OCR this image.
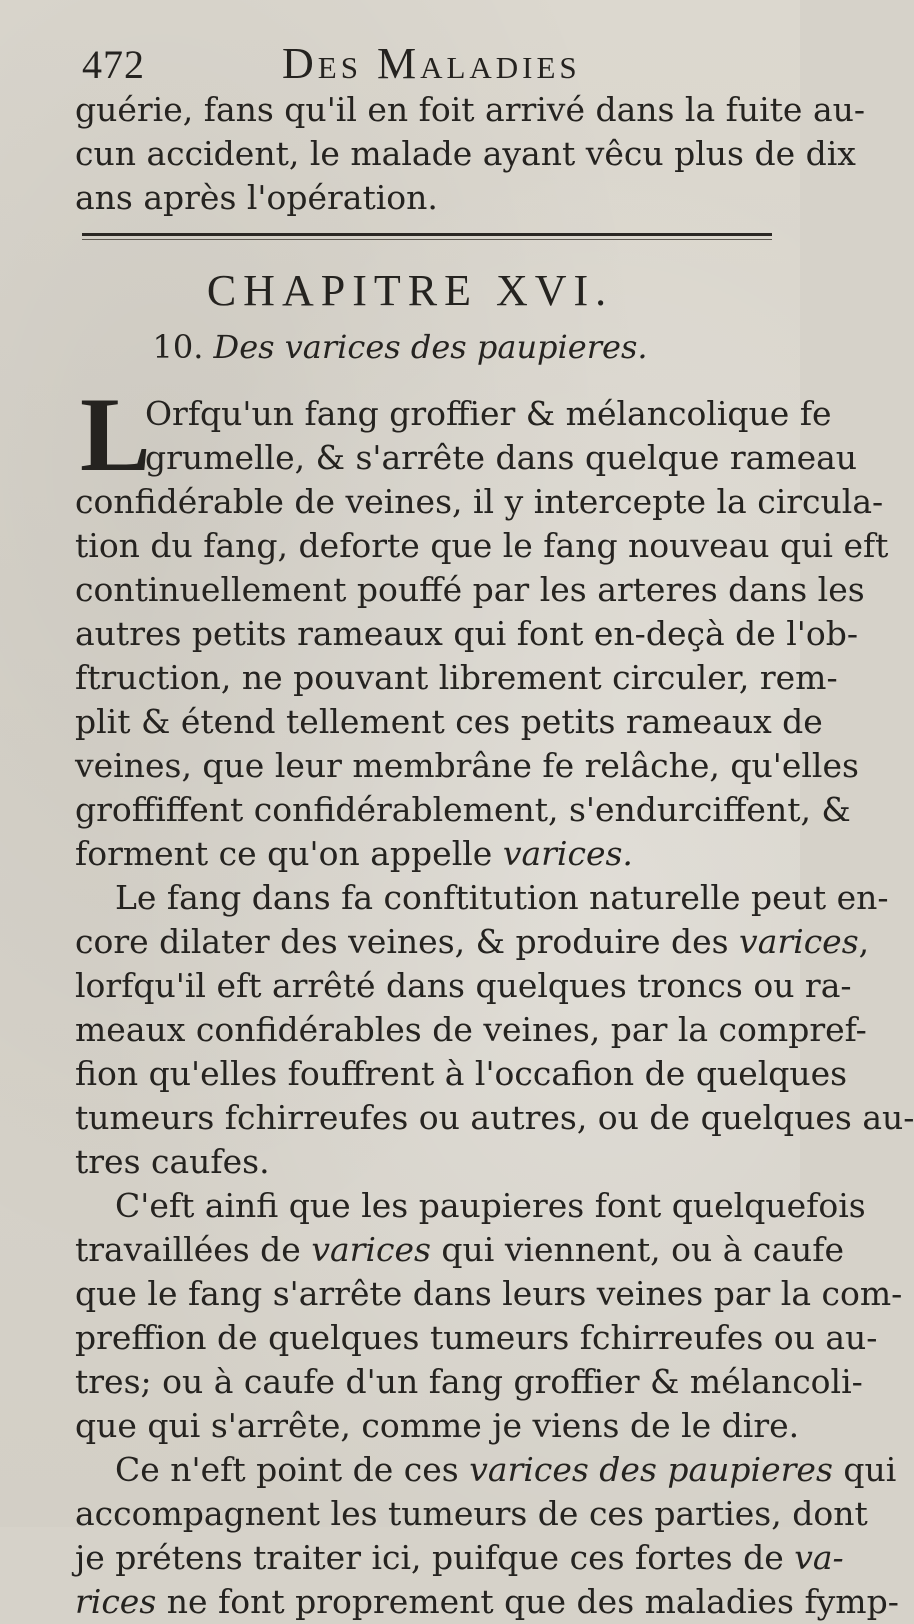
472	Des Maladies
guérie, fans qu'il en foit arrivé dans la fuite au-
cun accident, le malade ayant vêcu plus de dix
ans après l'opération.
CHAPITRE XVI.
10. Des varices des paupieres.
L
Orfqu'un fang groffier & mélancolique fe
grumelle, & s'arrête dans quelque rameau
confidérable de veines, il y intercepte la circula-
tion du fang, deforte que le fang nouveau qui eft
continuellement pouffé par les arteres dans les
autres petits rameaux qui font en-deçà de l'ob-
ftruction, ne pouvant librement circuler, rem-
plit & étend tellement ces petits rameaux de
veines, que leur membrâne fe relâche, qu'elles
groffiffent confidérablement, s'endurciffent, &
forment ce qu'on appelle varices.
Le fang dans fa conftitution naturelle peut en-
core dilater des veines, & produire des varices,
lorfqu'il eft arrêté dans quelques troncs ou ra-
meaux confidérables de veines, par la compref-
fion qu'elles fouffrent à l'occafion de quelques
tumeurs fchirreufes ou autres, ou de quelques au-
tres caufes.
C'eft ainfi que les paupieres font quelquefois
travaillées de varices qui viennent, ou à caufe
que le fang s'arrête dans leurs veines par la com-
preffion de quelques tumeurs fchirreufes ou au-
tres; ou à caufe d'un fang groffier & mélancoli-
que qui s'arrête, comme je viens de le dire.
Ce n'eft point de ces varices des paupieres qui
accompagnent les tumeurs de ces parties, dont
je prétens traiter ici, puifque ces fortes de va-
rices ne font proprement que des maladies fymp-
